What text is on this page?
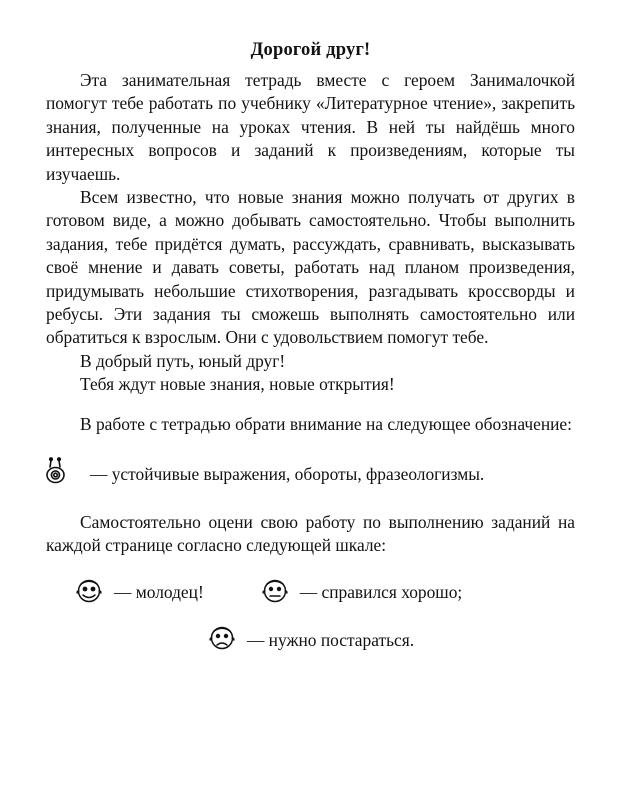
Дорогой друг!

Эта занимательная тетрадь вместе с героем Занималочкой помогут тебе работать по учебнику «Литературное чтение», закрепить знания, полученные на уроках чтения. В ней ты найдёшь много интересных вопросов и заданий к произведениям, которые ты изучаешь.

Всем известно, что новые знания можно получать от других в готовом виде, а можно добывать самостоятельно. Чтобы выполнить задания, тебе придётся думать, рассуждать, сравнивать, высказывать своё мнение и давать советы, работать над планом произведения, придумывать небольшие стихотворения, разгадывать кроссворды и ребусы. Эти задания ты сможешь выполнять самостоятельно или обратиться к взрослым. Они с удовольствием помогут тебе.

В добрый путь, юный друг!

Тебя ждут новые знания, новые открытия!

В работе с тетрадью обрати внимание на следующее обозначение:

— устойчивые выражения, обороты, фразеологизмы.

Самостоятельно оцени свою работу по выполнению заданий на каждой странице согласно следующей шкале:

— молодец!	— справился хорошо;
— нужно постараться.
